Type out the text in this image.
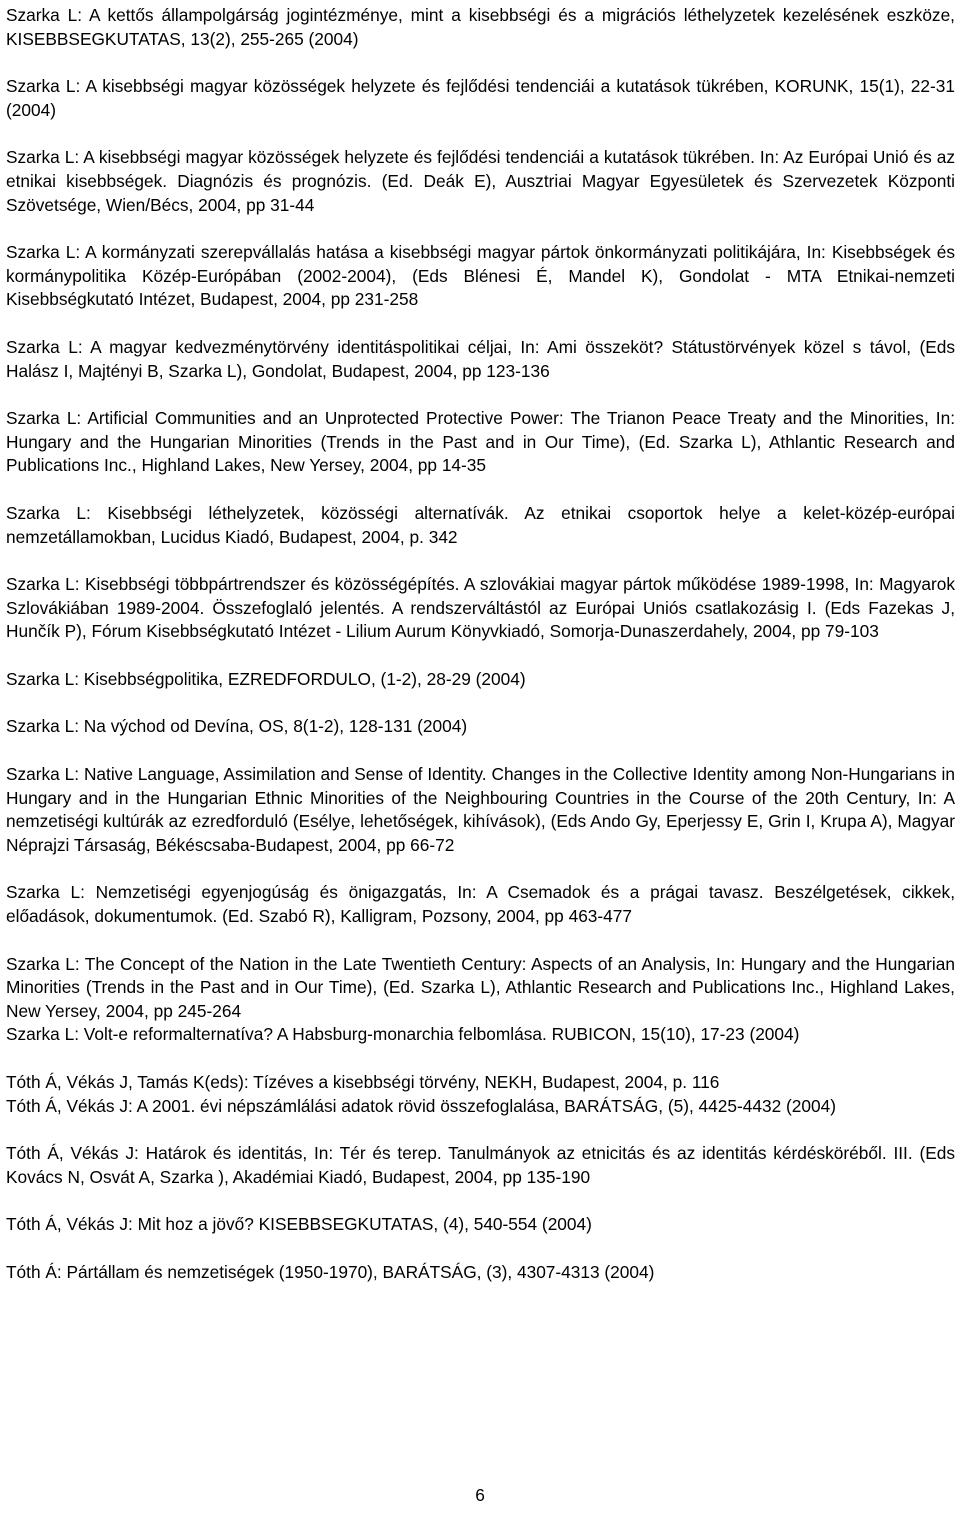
Szarka L: A kettős állampolgárság jogintézménye, mint a kisebbségi és a migrációs léthelyzetek kezelésének eszköze, KISEBBSEGKUTATAS, 13(2), 255-265 (2004)

Szarka L: A kisebbségi magyar közösségek helyzete és fejlődési tendenciái a kutatások tükrében, KORUNK, 15(1), 22-31 (2004)

Szarka L: A kisebbségi magyar közösségek helyzete és fejlődési tendenciái a kutatások tükrében. In: Az Európai Unió és az etnikai kisebbségek. Diagnózis és prognózis. (Ed. Deák E), Ausztriai Magyar Egyesületek és Szervezetek Központi Szövetsége, Wien/Bécs, 2004, pp 31-44

Szarka L: A kormányzati szerepvállalás hatása a kisebbségi magyar pártok önkormányzati politikájára, In: Kisebbségek és kormánypolitika Közép-Európában (2002-2004), (Eds Blénesi É, Mandel K), Gondolat - MTA Etnikai-nemzeti Kisebbségkutató Intézet, Budapest, 2004, pp 231-258

Szarka L: A magyar kedvezménytörvény identitáspolitikai céljai, In: Ami összeköt? Státustörvények közel s távol, (Eds Halász I, Majtényi B, Szarka L), Gondolat, Budapest, 2004, pp 123-136

Szarka L: Artificial Communities and an Unprotected Protective Power: The Trianon Peace Treaty and the Minorities, In: Hungary and the Hungarian Minorities (Trends in the Past and in Our Time), (Ed. Szarka L), Athlantic Research and Publications Inc., Highland Lakes, New Yersey, 2004, pp 14-35

Szarka L: Kisebbségi léthelyzetek, közösségi alternatívák. Az etnikai csoportok helye a kelet-közép-európai nemzetállamokban, Lucidus Kiadó, Budapest, 2004, p. 342

Szarka L: Kisebbségi többpártrendszer és közösségépítés. A szlovákiai magyar pártok működése 1989-1998, In: Magyarok Szlovákiában 1989-2004. Összefoglaló jelentés. A rendszerváltástól az Európai Uniós csatlakozásig I. (Eds Fazekas J, Hunčík P), Fórum Kisebbségkutató Intézet - Lilium Aurum Könyvkiadó, Somorja-Dunaszerdahely, 2004, pp 79-103

Szarka L: Kisebbségpolitika, EZREDFORDULO, (1-2), 28-29 (2004)

Szarka L: Na východ od Devína, OS, 8(1-2), 128-131 (2004)

Szarka L: Native Language, Assimilation and Sense of Identity. Changes in the Collective Identity among Non-Hungarians in Hungary and in the Hungarian Ethnic Minorities of the Neighbouring Countries in the Course of the 20th Century, In: A nemzetiségi kultúrák az ezredforduló (Esélye, lehetőségek, kihívások), (Eds Ando Gy, Eperjessy E, Grin I, Krupa A), Magyar Néprajzi Társaság, Békéscsaba-Budapest, 2004, pp 66-72

Szarka L: Nemzetiségi egyenjogúság és önigazgatás, In: A Csemadok és a prágai tavasz. Beszélgetések, cikkek, előadások, dokumentumok. (Ed. Szabó R), Kalligram, Pozsony, 2004, pp 463-477

Szarka L: The Concept of the Nation in the Late Twentieth Century: Aspects of an Analysis, In: Hungary and the Hungarian Minorities (Trends in the Past and in Our Time), (Ed. Szarka L), Athlantic Research and Publications Inc., Highland Lakes, New Yersey, 2004, pp 245-264

Szarka L: Volt-e reformalternatíva? A Habsburg-monarchia felbomlása. RUBICON, 15(10), 17-23 (2004)

Tóth Á, Vékás J, Tamás K(eds): Tízéves a kisebbségi törvény, NEKH, Budapest, 2004, p. 116

Tóth Á, Vékás J: A 2001. évi népszámlálási adatok rövid összefoglalása, BARÁTSÁG, (5), 4425-4432 (2004)

Tóth Á, Vékás J: Határok és identitás, In: Tér és terep. Tanulmányok az etnicitás és az identitás kérdésköréből. III. (Eds Kovács N, Osvát A, Szarka ), Akadémiai Kiadó, Budapest, 2004, pp 135-190

Tóth Á, Vékás J: Mit hoz a jövő? KISEBBSEGKUTATAS, (4), 540-554 (2004)

Tóth Á: Pártállam és nemzetiségek (1950-1970), BARÁTSÁG, (3), 4307-4313 (2004)

6
